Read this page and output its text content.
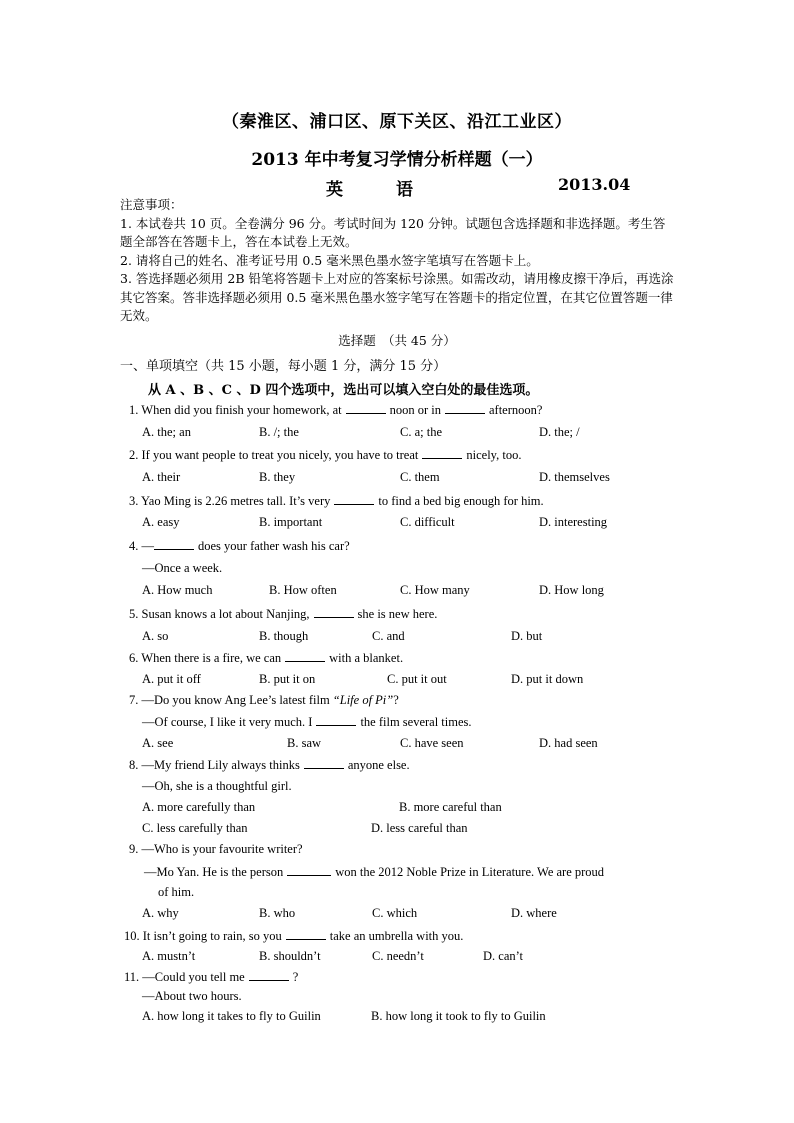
（秦淮区、浦口区、原下关区、沿江工业区）
2013 年中考复习学情分析样题（一）
英　语	2013.04
注意事项：
1. 本试卷共 10 页。全卷满分 96 分。考试时间为 120 分钟。试题包含选择题和非选择题。考生答题全部答在答题卡上，答在本试卷上无效。
2. 请将自己的姓名、准考证号用 0.5 毫米黑色墨水签字笔填写在答题卡上。
3. 答选择题必须用 2B 铅笔将答题卡上对应的答案标号涂黑。如需改动，请用橡皮擦干净后，再选涂其它答案。答非选择题必须用 0.5 毫米黑色墨水签字笔写在答题卡的指定位置，在其它位置答题一律无效。
选择题　（共 45 分）
一、单项填空（共 15 小题，每小题 1 分，满分 15 分）
从 A 、B 、C 、D 四个选项中，选出可以填入空白处的最佳选项。
1. When did you finish your homework, at	noon or in	afternoon?
A. the; an	B. /; the	C. a; the	D. the; /
2. If you want people to treat you nicely, you have to treat	nicely, too.
A. their	B. they	C. them	D. themselves
3. Yao Ming is 2.26 metres tall. It’s very	to find a bed big enough for him.
A. easy	B. important	C. difficult	D. interesting
4. —	does your father wash his car?
—Once a week.
A. How much	B. How often	C. How many	D. How long
5. Susan knows a lot about Nanjing,	she is new here.
A. so	B. though	C. and	D. but
6. When there is a fire, we can	with a blanket.
A. put it off	B. put it on	C. put it out	D. put it down
7. —Do you know Ang Lee’s latest film “Life of Pi”?
—Of course, I like it very much. I	the film several times.
A. see	B. saw	C. have seen	D. had seen
8. —My friend Lily always thinks	anyone else.
—Oh, she is a thoughtful girl.
A. more carefully than	B. more careful than
C. less carefully than	D. less careful than
9. —Who is your favourite writer?
—Mo Yan. He is the person	won the 2012 Noble Prize in Literature. We are proud
of him.
A. why	B. who	C. which	D. where
10. It isn’t going to rain, so you	take an umbrella with you.
A. mustn’t	B. shouldn’t	C. needn’t	D. can’t
11. —Could you tell me	?
—About two hours.
A. how long it takes to fly to Guilin	B. how long it took to fly to Guilin
